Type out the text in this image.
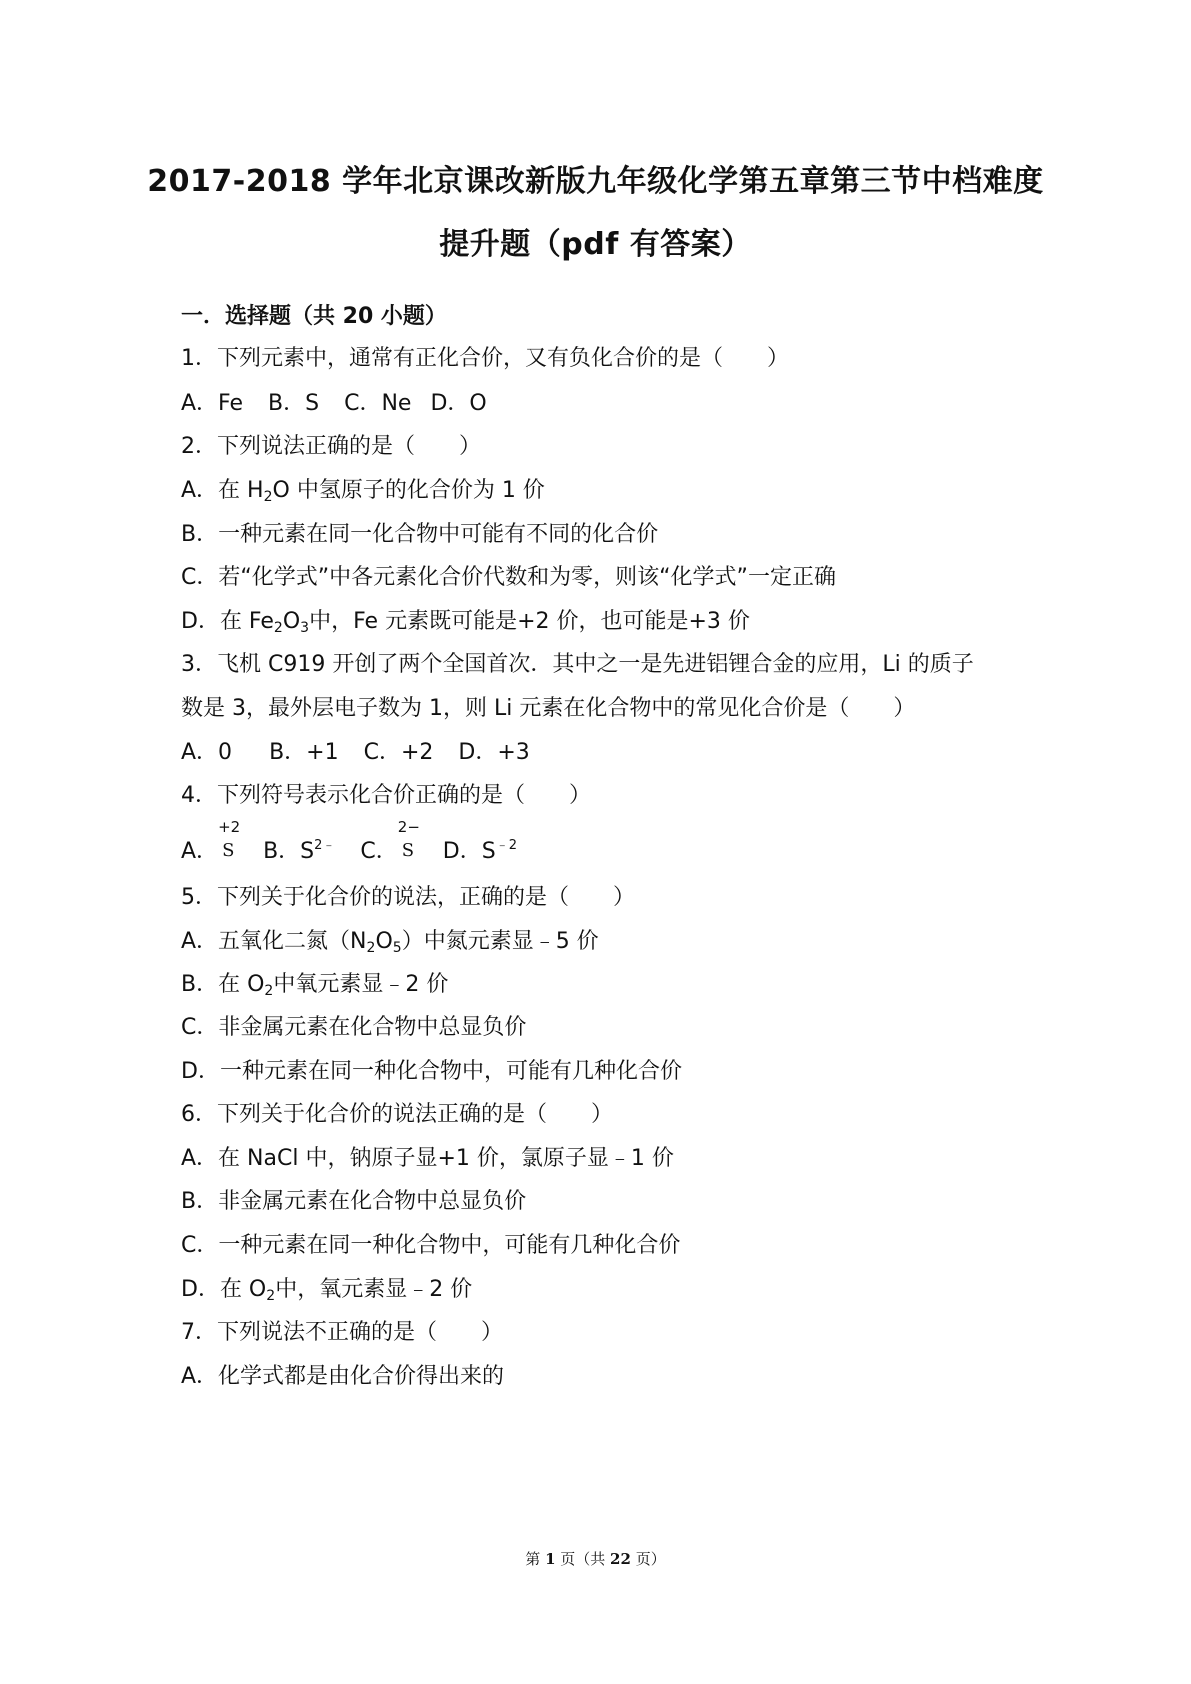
2017-2018 学年北京课改新版九年级化学第五章第三节中档难度
提升题（pdf 有答案）
一．选择题（共 20 小题）
1．下列元素中，通常有正化合价，又有负化合价的是（　　）
A．Fe B．S C．Ne D．O
2．下列说法正确的是（　　）
A．在 $H_2O$ 中氢原子的化合价为 1 价
B．一种元素在同一化合物中可能有不同的化合价
C．若“化学式”中各元素化合价代数和为零，则该“化学式”一定正确
D．在 $Fe_2O_3$中，Fe 元素既可能是+2 价，也可能是+3 价
3．飞机 C919 开创了两个全国首次．其中之一是先进铝锂合金的应用，Li 的质子
数是 3，最外层电子数为 1，则 Li 元素在化合物中的常见化合价是（　　）
A．0 B．+1 C．+2 D．+3
4．下列符号表示化合价正确的是（　　）
A．
+2
S B．$S^{2﹣}$ C．
2−
S D．$S^{﹣2}$
5．下列关于化合价的说法，正确的是（　　）
A．五氧化二氮$(N_2O_5)$中氮元素显﹣5 价
B．在 $O_2$中氧元素显﹣2 价
C．非金属元素在化合物中总显负价
D．一种元素在同一种化合物中，可能有几种化合价
6．下列关于化合价的说法正确的是（　　）
A．在 NaCl 中，钠原子显+1 价，氯原子显﹣1 价
B．非金属元素在化合物中总显负价
C．一种元素在同一种化合物中，可能有几种化合价
D．在 $O_2$中，氧元素显﹣2 价
7．下列说法不正确的是（　　）
A．化学式都是由化合价得出来的
第 1 页（共 22 页）
